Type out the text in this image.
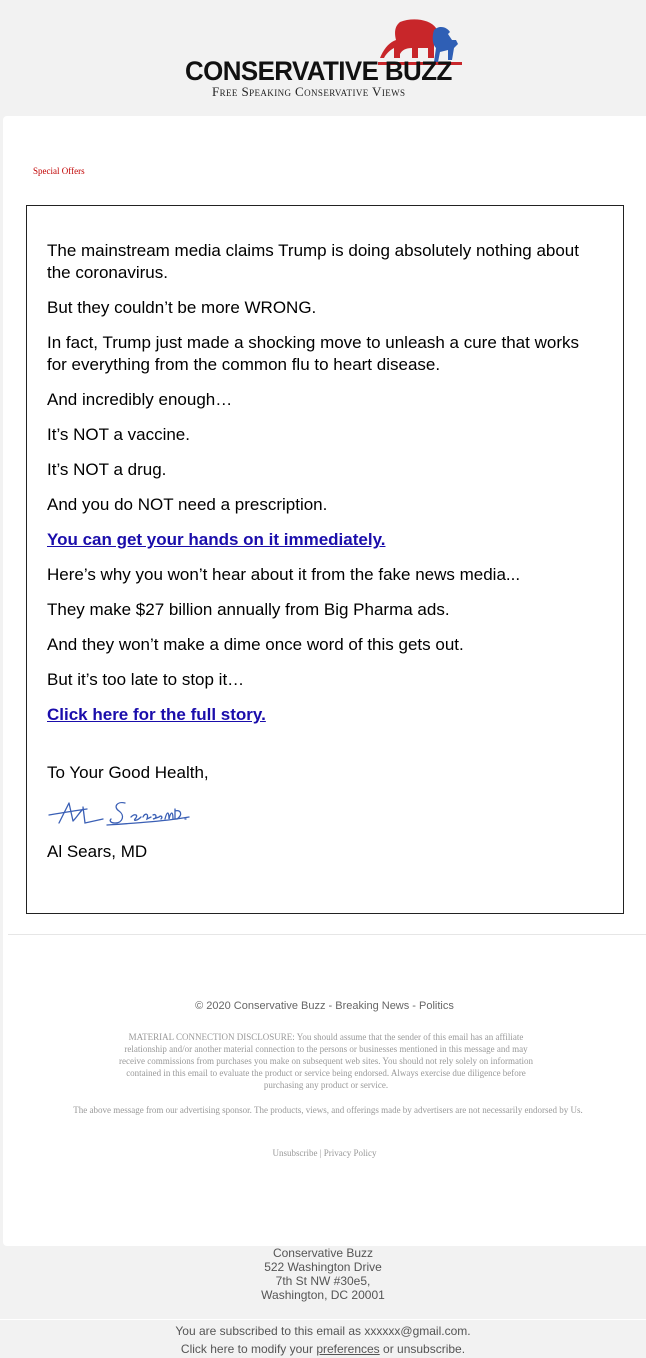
CONSERVATIVE BUZZ
Free Speaking Conservative Views
Special Offers

The mainstream media claims Trump is doing absolutely nothing about the coronavirus.

But they couldn’t be more WRONG.

In fact, Trump just made a shocking move to unleash a cure that works for everything from the common flu to heart disease.

And incredibly enough…

It’s NOT a vaccine.

It’s NOT a drug.

And you do NOT need a prescription.

You can get your hands on it immediately.

Here’s why you won’t hear about it from the fake news media...

They make $27 billion annually from Big Pharma ads.

And they won’t make a dime once word of this gets out.

But it’s too late to stop it…

Click here for the full story.

To Your Good Health,

Al Sears, MD

© 2020 Conservative Buzz - Breaking News - Politics
MATERIAL CONNECTION DISCLOSURE: You should assume that the sender of this email has an affiliate relationship and/or another material connection to the persons or businesses mentioned in this message and may receive commissions from purchases you make on subsequent web sites. You should not rely solely on information contained in this email to evaluate the product or service being endorsed. Always exercise due diligence before purchasing any product or service.
The above message from our advertising sponsor. The products, views, and offerings made by advertisers are not necessarily endorsed by Us.
Unsubscribe | Privacy Policy
Conservative Buzz
522 Washington Drive
7th St NW #30e5,
Washington, DC 20001
You are subscribed to this email as xxxxxx@gmail.com.
Click here to modify your preferences or unsubscribe.
